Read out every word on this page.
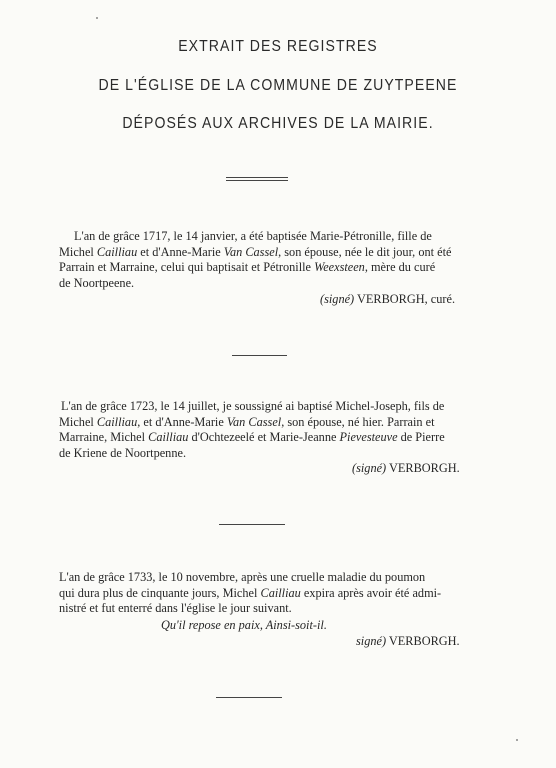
EXTRAIT DES REGISTRES
DE L'ÉGLISE DE LA COMMUNE DE ZUYTPEENE
DÉPOSÉS AUX ARCHIVES DE LA MAIRIE.
L'an de grâce 1717, le 14 janvier, a été baptisée Marie-Pétronille, fille de
Michel Cailliau et d'Anne-Marie Van Cassel, son épouse, née le dit jour, ont été
Parrain et Marraine, celui qui baptisait et Pétronille Weexsteen, mère du curé
de Noortpeene.
(signé) VERBORGH, curé.
L'an de grâce 1723, le 14 juillet, je soussigné ai baptisé Michel-Joseph, fils de
Michel Cailliau, et d'Anne-Marie Van Cassel, son épouse, né hier. Parrain et
Marraine, Michel Cailliau d'Ochtezeelé et Marie-Jeanne Pievesteuve de Pierre
de Kriene de Noortpenne.
(signé) VERBORGH.
L'an de grâce 1733, le 10 novembre, après une cruelle maladie du poumon
qui dura plus de cinquante jours, Michel Cailliau expira après avoir été admi-
nistré et fut enterré dans l'église le jour suivant.
Qu'il repose en paix, Ainsi-soit-il.
signé) VERBORGH.
